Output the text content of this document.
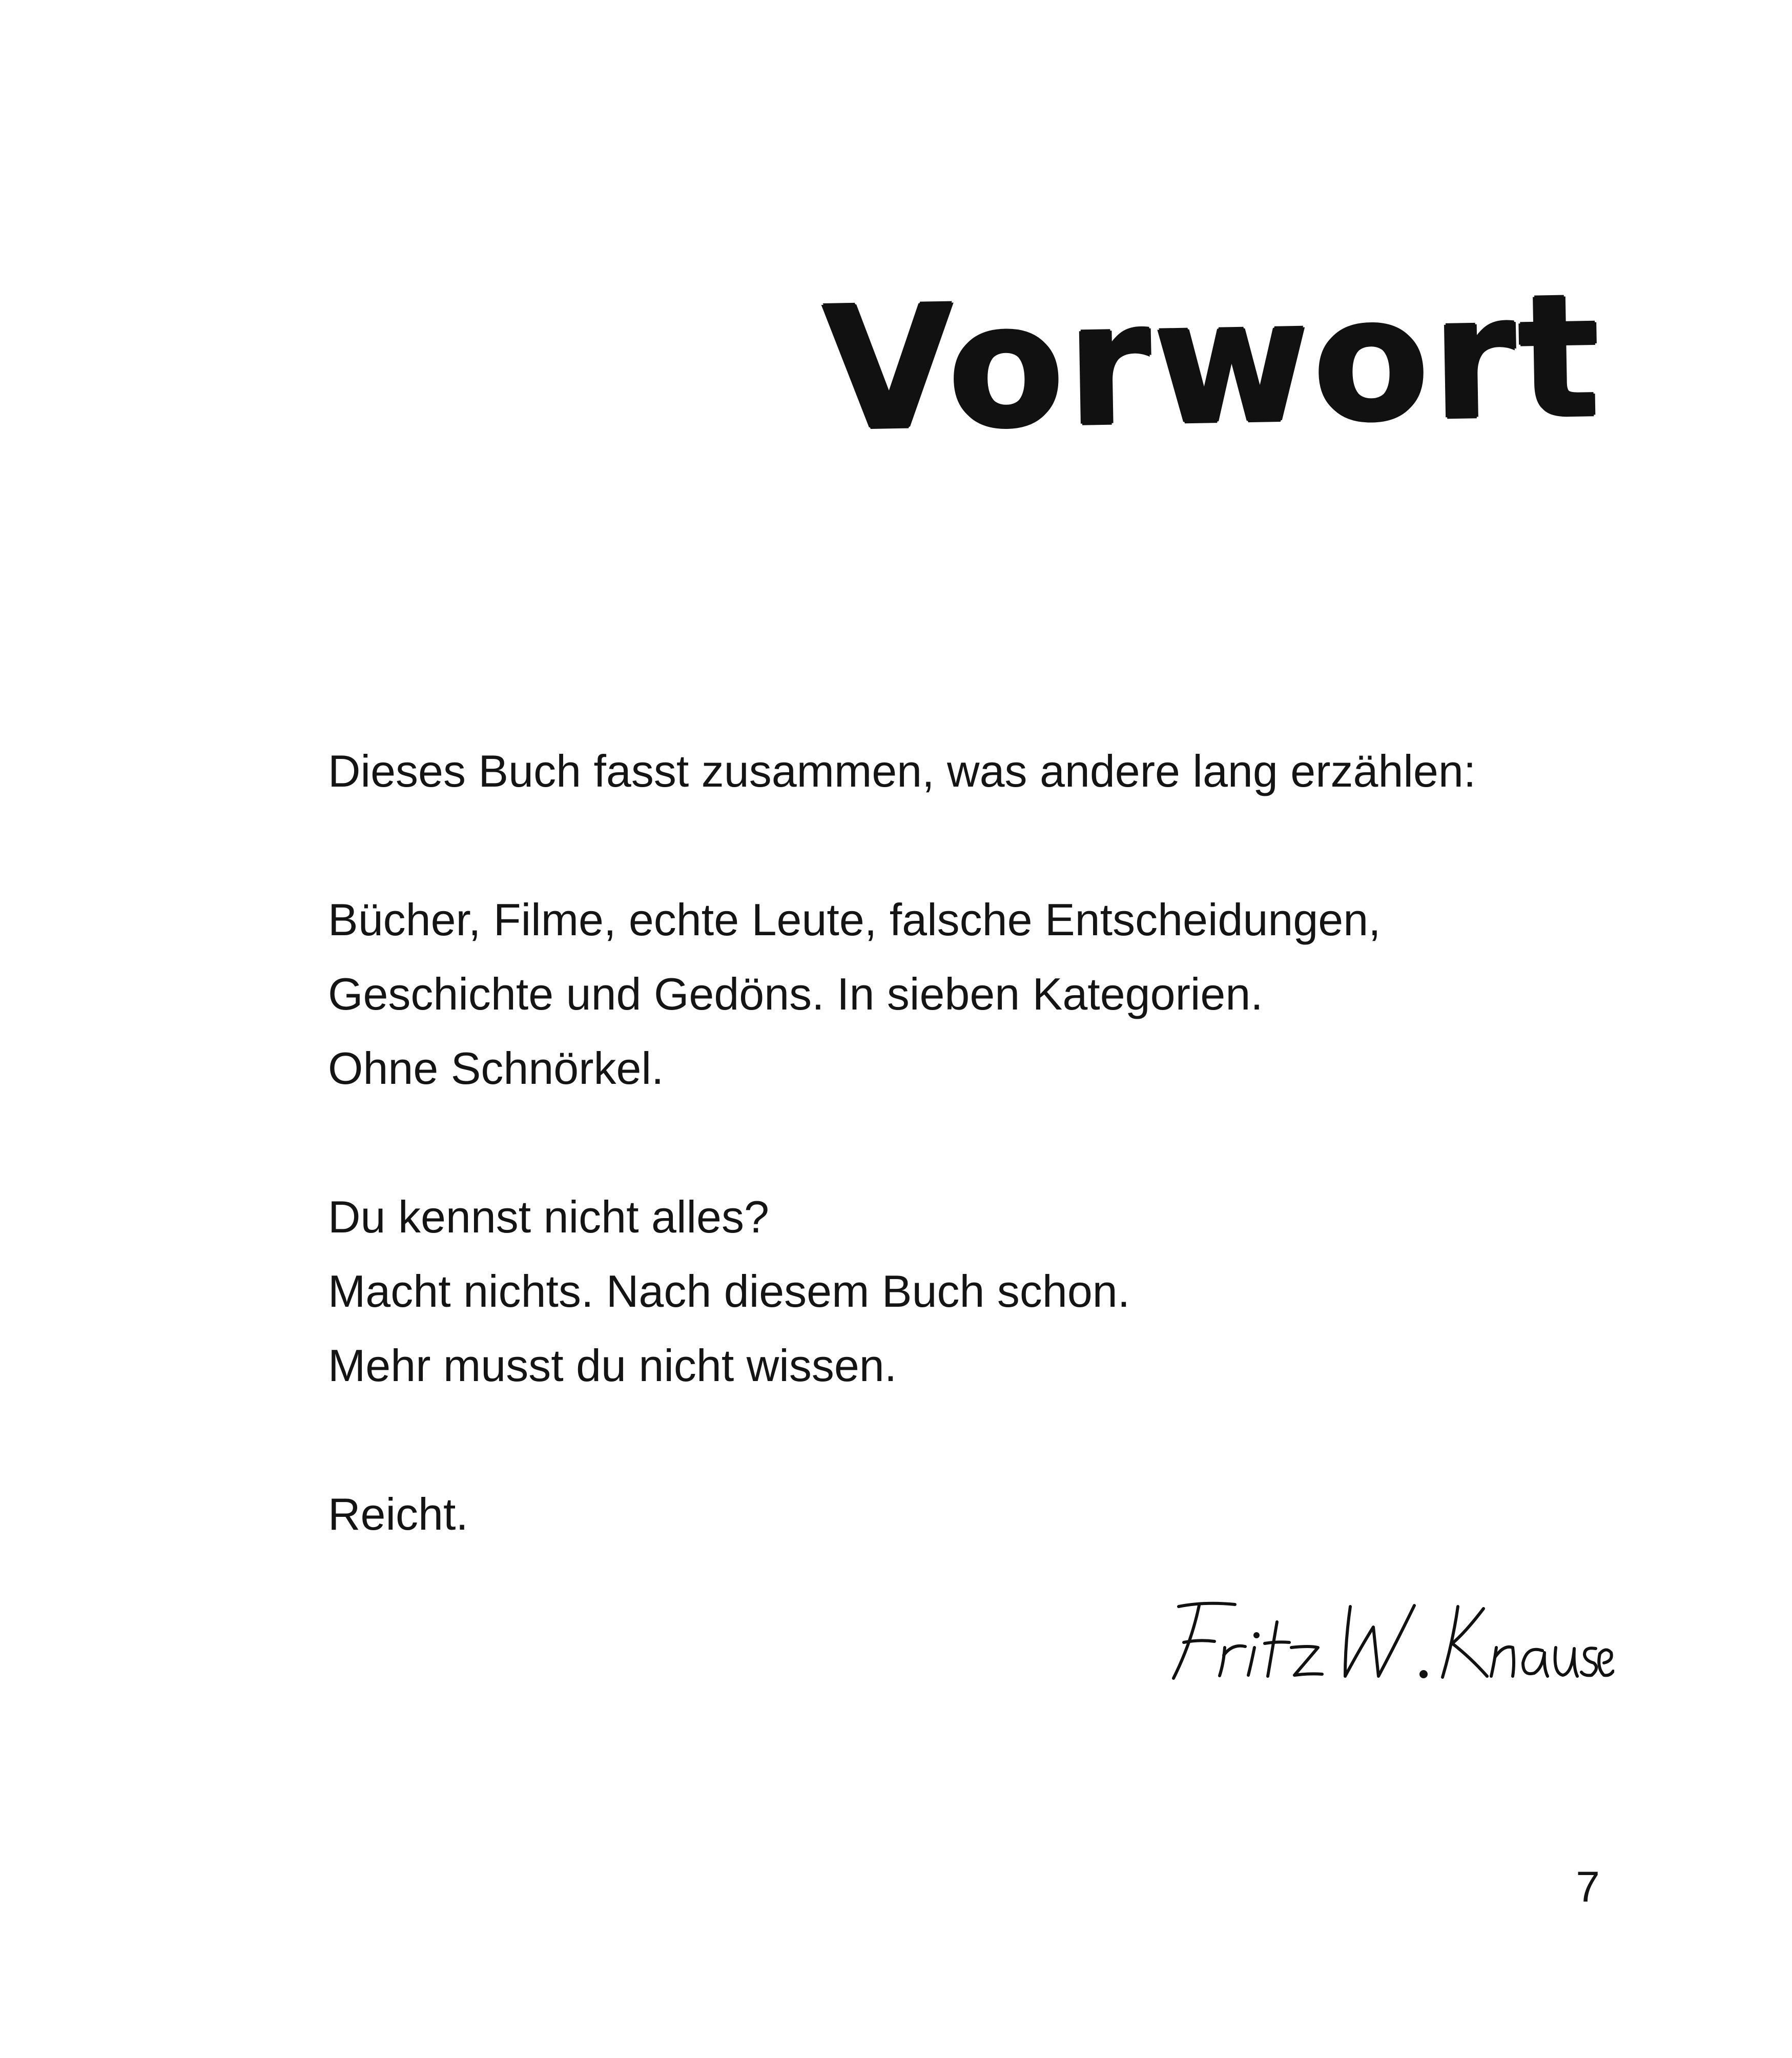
Vorwort
Dieses Buch fasst zusammen, was andere lang erzählen:
Bücher, Filme, echte Leute, falsche Entscheidungen,
Geschichte und Gedöns. In sieben Kategorien.
Ohne Schnörkel.
Du kennst nicht alles?
Macht nichts. Nach diesem Buch schon.
Mehr musst du nicht wissen.
Reicht.
7
